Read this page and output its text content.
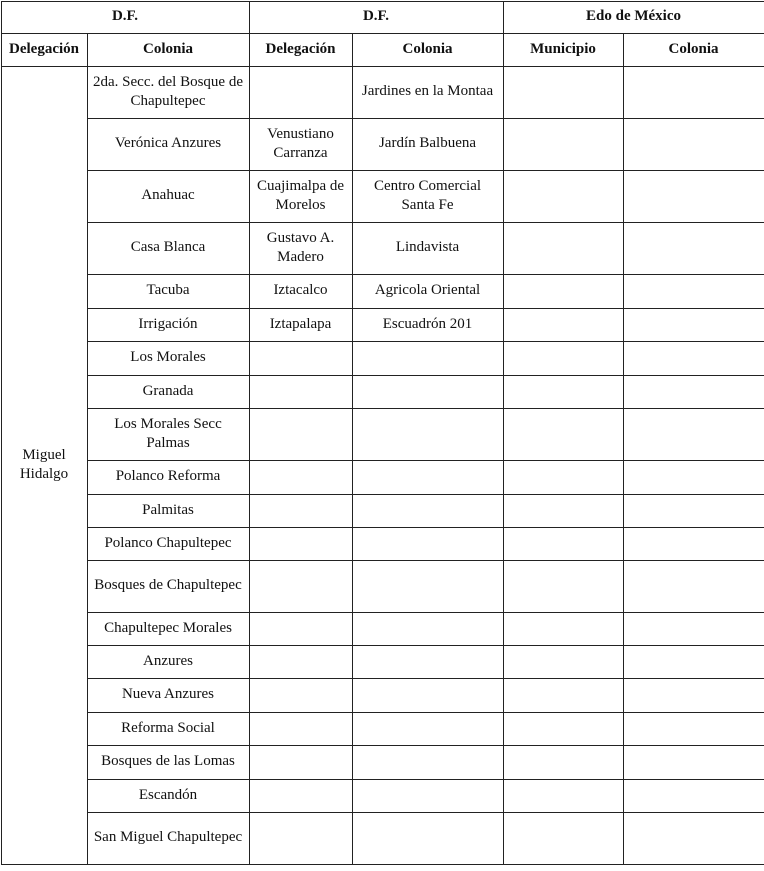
D.F.		D.F.		Edo de México	
Delegación	Colonia	Delegación	Colonia	Municipio	Colonia
Miguel Hidalgo	2da. Secc. del Bosque de Chapultepec		Jardines en la Montaa		
	Verónica Anzures	Venustiano Carranza	Jardín Balbuena		
	Anahuac	Cuajimalpa de Morelos	Centro Comercial Santa Fe		
	Casa Blanca	Gustavo A. Madero	Lindavista		
	Tacuba	Iztacalco	Agricola Oriental		
	Irrigación	Iztapalapa	Escuadrón 201		
	Los Morales				
	Granada				
	Los Morales Secc Palmas				
	Polanco Reforma				
	Palmitas				
	Polanco Chapultepec				
	Bosques de Chapultepec				
	Chapultepec Morales				
	Anzures				
	Nueva Anzures				
	Reforma Social				
	Bosques de las Lomas				
	Escandón				
	San Miguel Chapultepec				
